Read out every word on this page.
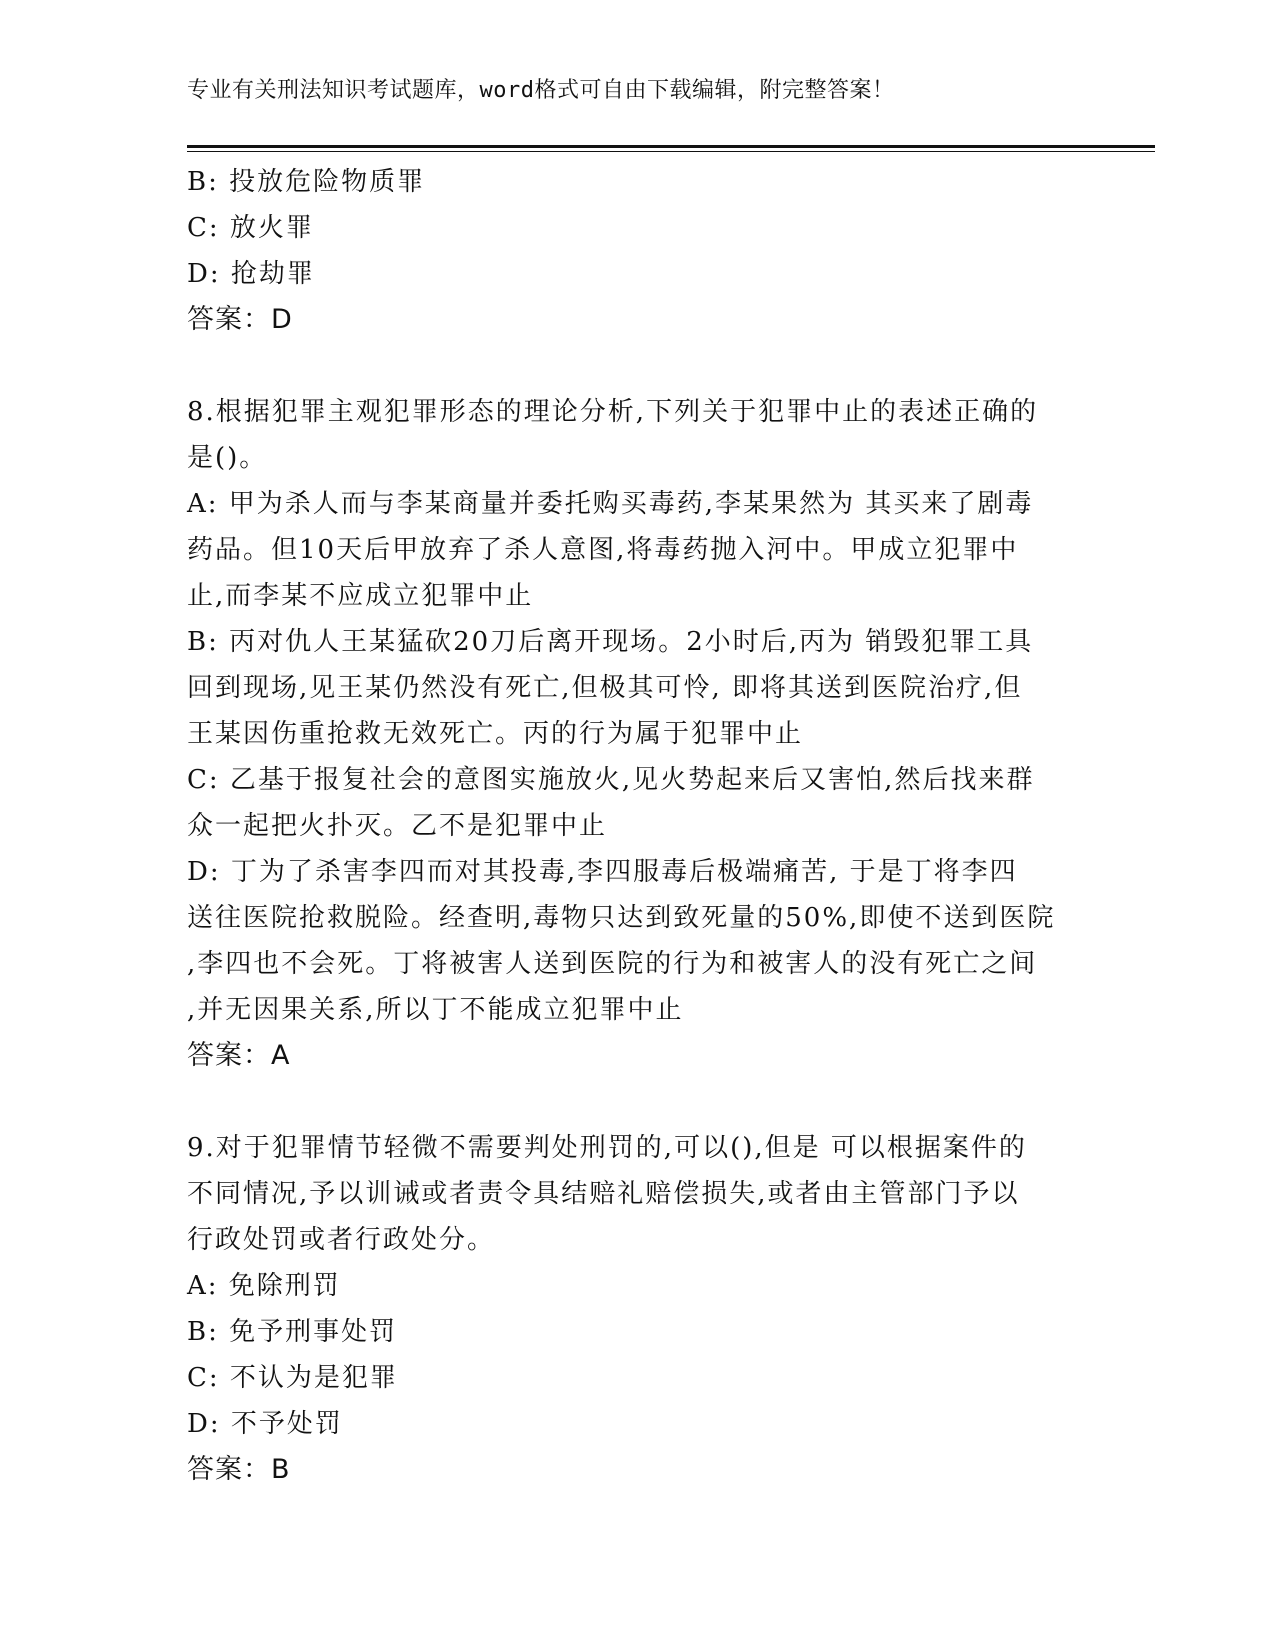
专业有关刑法知识考试题库，word格式可自由下载编辑，附完整答案！
B: 投放危险物质罪
C: 放火罪
D: 抢劫罪
答案：D
8.根据犯罪主观犯罪形态的理论分析,下列关于犯罪中止的表述正确的
是()。
A: 甲为杀人而与李某商量并委托购买毒药,李某果然为 其买来了剧毒
药品。但10天后甲放弃了杀人意图,将毒药抛入河中。甲成立犯罪中
止,而李某不应成立犯罪中止
B: 丙对仇人王某猛砍20刀后离开现场。2小时后,丙为 销毁犯罪工具
回到现场,见王某仍然没有死亡,但极其可怜, 即将其送到医院治疗,但
王某因伤重抢救无效死亡。丙的行为属于犯罪中止
C: 乙基于报复社会的意图实施放火,见火势起来后又害怕,然后找来群
众一起把火扑灭。乙不是犯罪中止
D: 丁为了杀害李四而对其投毒,李四服毒后极端痛苦, 于是丁将李四
送往医院抢救脱险。经查明,毒物只达到致死量的50%,即使不送到医院
,李四也不会死。丁将被害人送到医院的行为和被害人的没有死亡之间
,并无因果关系,所以丁不能成立犯罪中止
答案：A
9.对于犯罪情节轻微不需要判处刑罚的,可以(),但是 可以根据案件的
不同情况,予以训诫或者责令具结赔礼赔偿损失,或者由主管部门予以
行政处罚或者行政处分。
A: 免除刑罚
B: 免予刑事处罚
C: 不认为是犯罪
D: 不予处罚
答案：B
